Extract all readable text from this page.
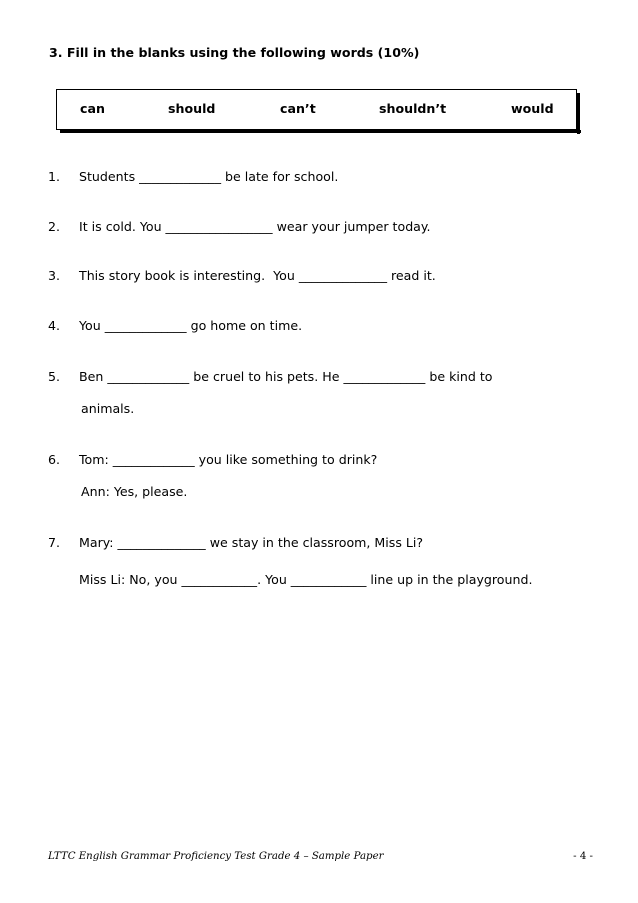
3. Fill in the blanks using the following words (10%)
can	should	can’t	shouldn’t	would
1. Students _____________ be late for school.
2. It is cold. You _________________ wear your jumper today.
3. This story book is interesting.  You ______________ read it.
4. You _____________ go home on time.
5. Ben _____________ be cruel to his pets. He _____________ be kind to
animals.
6. Tom: _____________ you like something to drink?
Ann: Yes, please.
7. Mary: ______________ we stay in the classroom, Miss Li?
Miss Li: No, you ____________. You ____________ line up in the playground.
LTTC English Grammar Proficiency Test Grade 4 – Sample Paper	- 4 -
